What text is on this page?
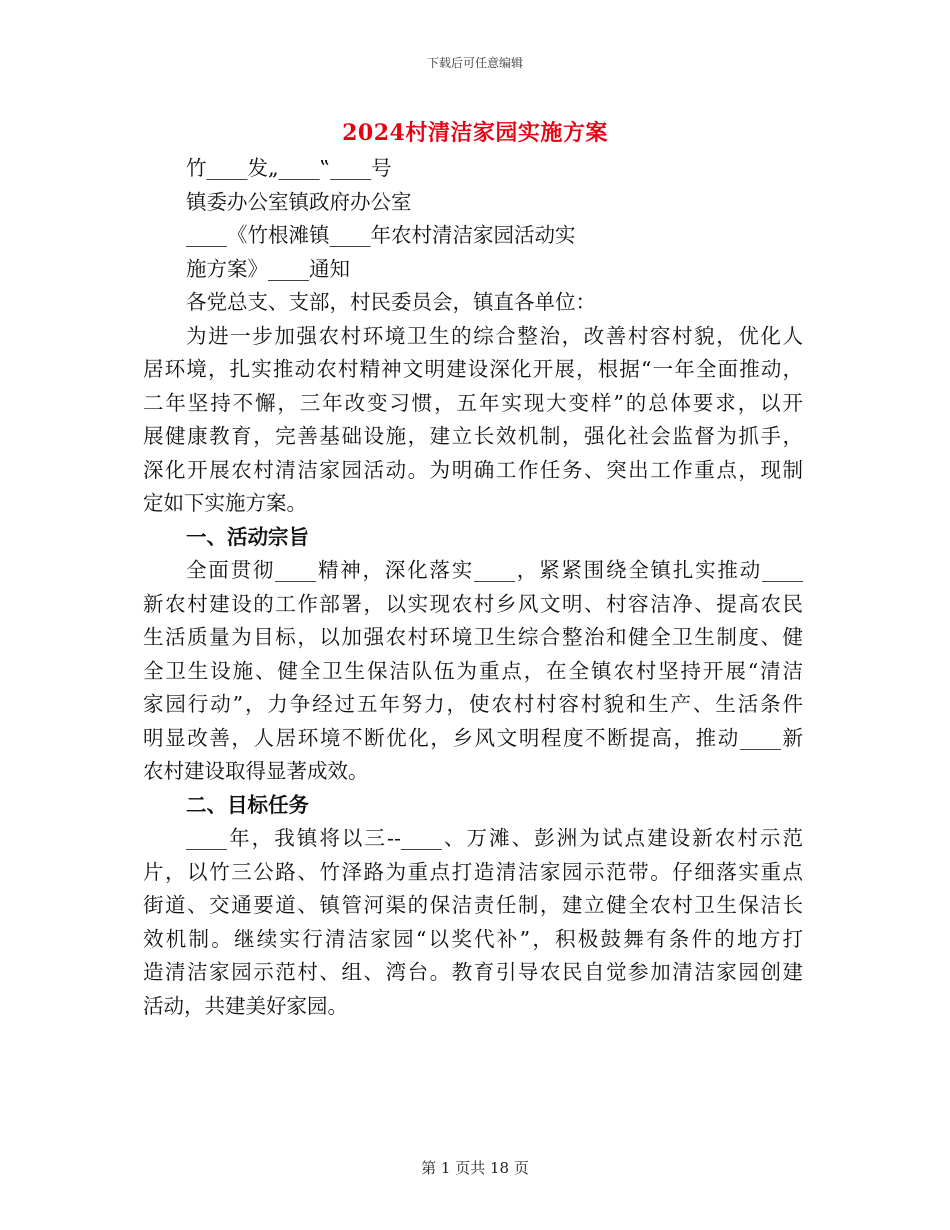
下载后可任意编辑
2024村清洁家园实施方案
竹____发„____‟____号
镇委办公室镇政府办公室
____《竹根滩镇____年农村清洁家园活动实
施方案》____通知
各党总支、支部，村民委员会，镇直各单位：
为进一步加强农村环境卫生的综合整治，改善村容村貌，优化人
居环境，扎实推动农村精神文明建设深化开展，根据“一年全面推动，
二年坚持不懈，三年改变习惯，五年实现大变样”的总体要求，以开
展健康教育，完善基础设施，建立长效机制，强化社会监督为抓手，
深化开展农村清洁家园活动。为明确工作任务、突出工作重点，现制
定如下实施方案。
一、活动宗旨
全面贯彻____精神，深化落实____，紧紧围绕全镇扎实推动____
新农村建设的工作部署，以实现农村乡风文明、村容洁净、提高农民
生活质量为目标，以加强农村环境卫生综合整治和健全卫生制度、健
全卫生设施、健全卫生保洁队伍为重点，在全镇农村坚持开展“清洁
家园行动”，力争经过五年努力，使农村村容村貌和生产、生活条件
明显改善，人居环境不断优化，乡风文明程度不断提高，推动____新
农村建设取得显著成效。
二、目标任务
____年，我镇将以三--____、万滩、彭洲为试点建设新农村示范
片，以竹三公路、竹泽路为重点打造清洁家园示范带。仔细落实重点
街道、交通要道、镇管河渠的保洁责任制，建立健全农村卫生保洁长
效机制。继续实行清洁家园“以奖代补”，积极鼓舞有条件的地方打
造清洁家园示范村、组、湾台。教育引导农民自觉参加清洁家园创建
活动，共建美好家园。
第 1 页共 18 页
